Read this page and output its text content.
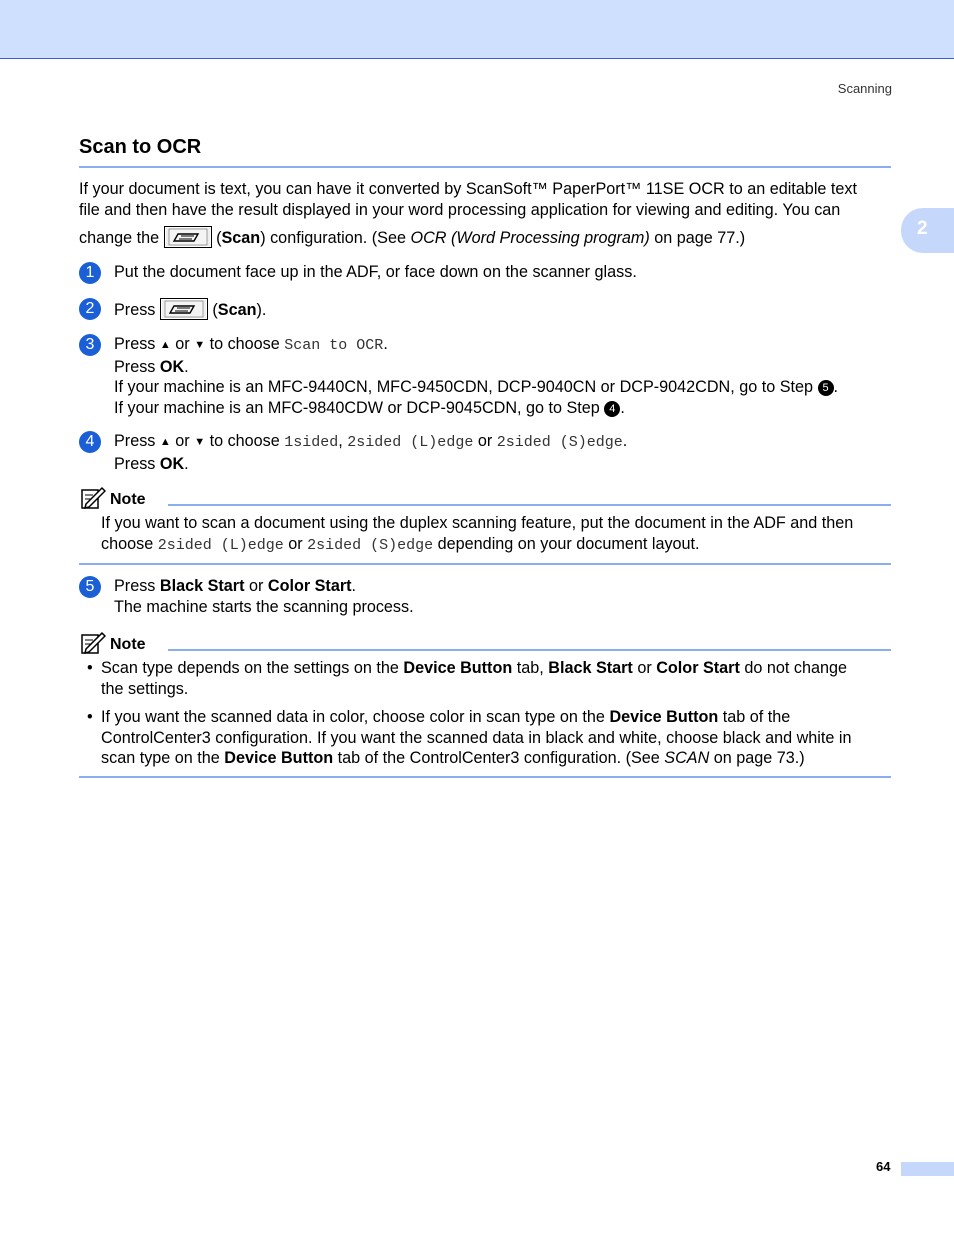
Scanning
2
Scan to OCR
If your document is text, you can have it converted by ScanSoft™ PaperPort™ 11SE OCR to an editable text
file and then have the result displayed in your word processing application for viewing and editing. You can
change the	(Scan) configuration. (See OCR (Word Processing program) on page 77.)
1	Put the document face up in the ADF, or face down on the scanner glass.
2	Press	(Scan).
3	Press ▲ or ▼ to choose Scan to OCR.
Press OK.
If your machine is an MFC-9440CN, MFC-9450CDN, DCP-9040CN or DCP-9042CDN, go to Step 5 .
If your machine is an MFC-9840CDW or DCP-9045CDN, go to Step 4 .
4	Press ▲ or ▼ to choose 1sided, 2sided (L)edge or 2sided (S)edge.
Press OK.
Note
If you want to scan a document using the duplex scanning feature, put the document in the ADF and then
choose 2sided (L)edge or 2sided (S)edge depending on your document layout.
5	Press Black Start or Color Start.
The machine starts the scanning process.
Note
• Scan type depends on the settings on the Device Button tab, Black Start or Color Start do not change
the settings.
• If you want the scanned data in color, choose color in scan type on the Device Button tab of the
ControlCenter3 configuration. If you want the scanned data in black and white, choose black and white in
scan type on the Device Button tab of the ControlCenter3 configuration. (See SCAN on page 73.)
64
